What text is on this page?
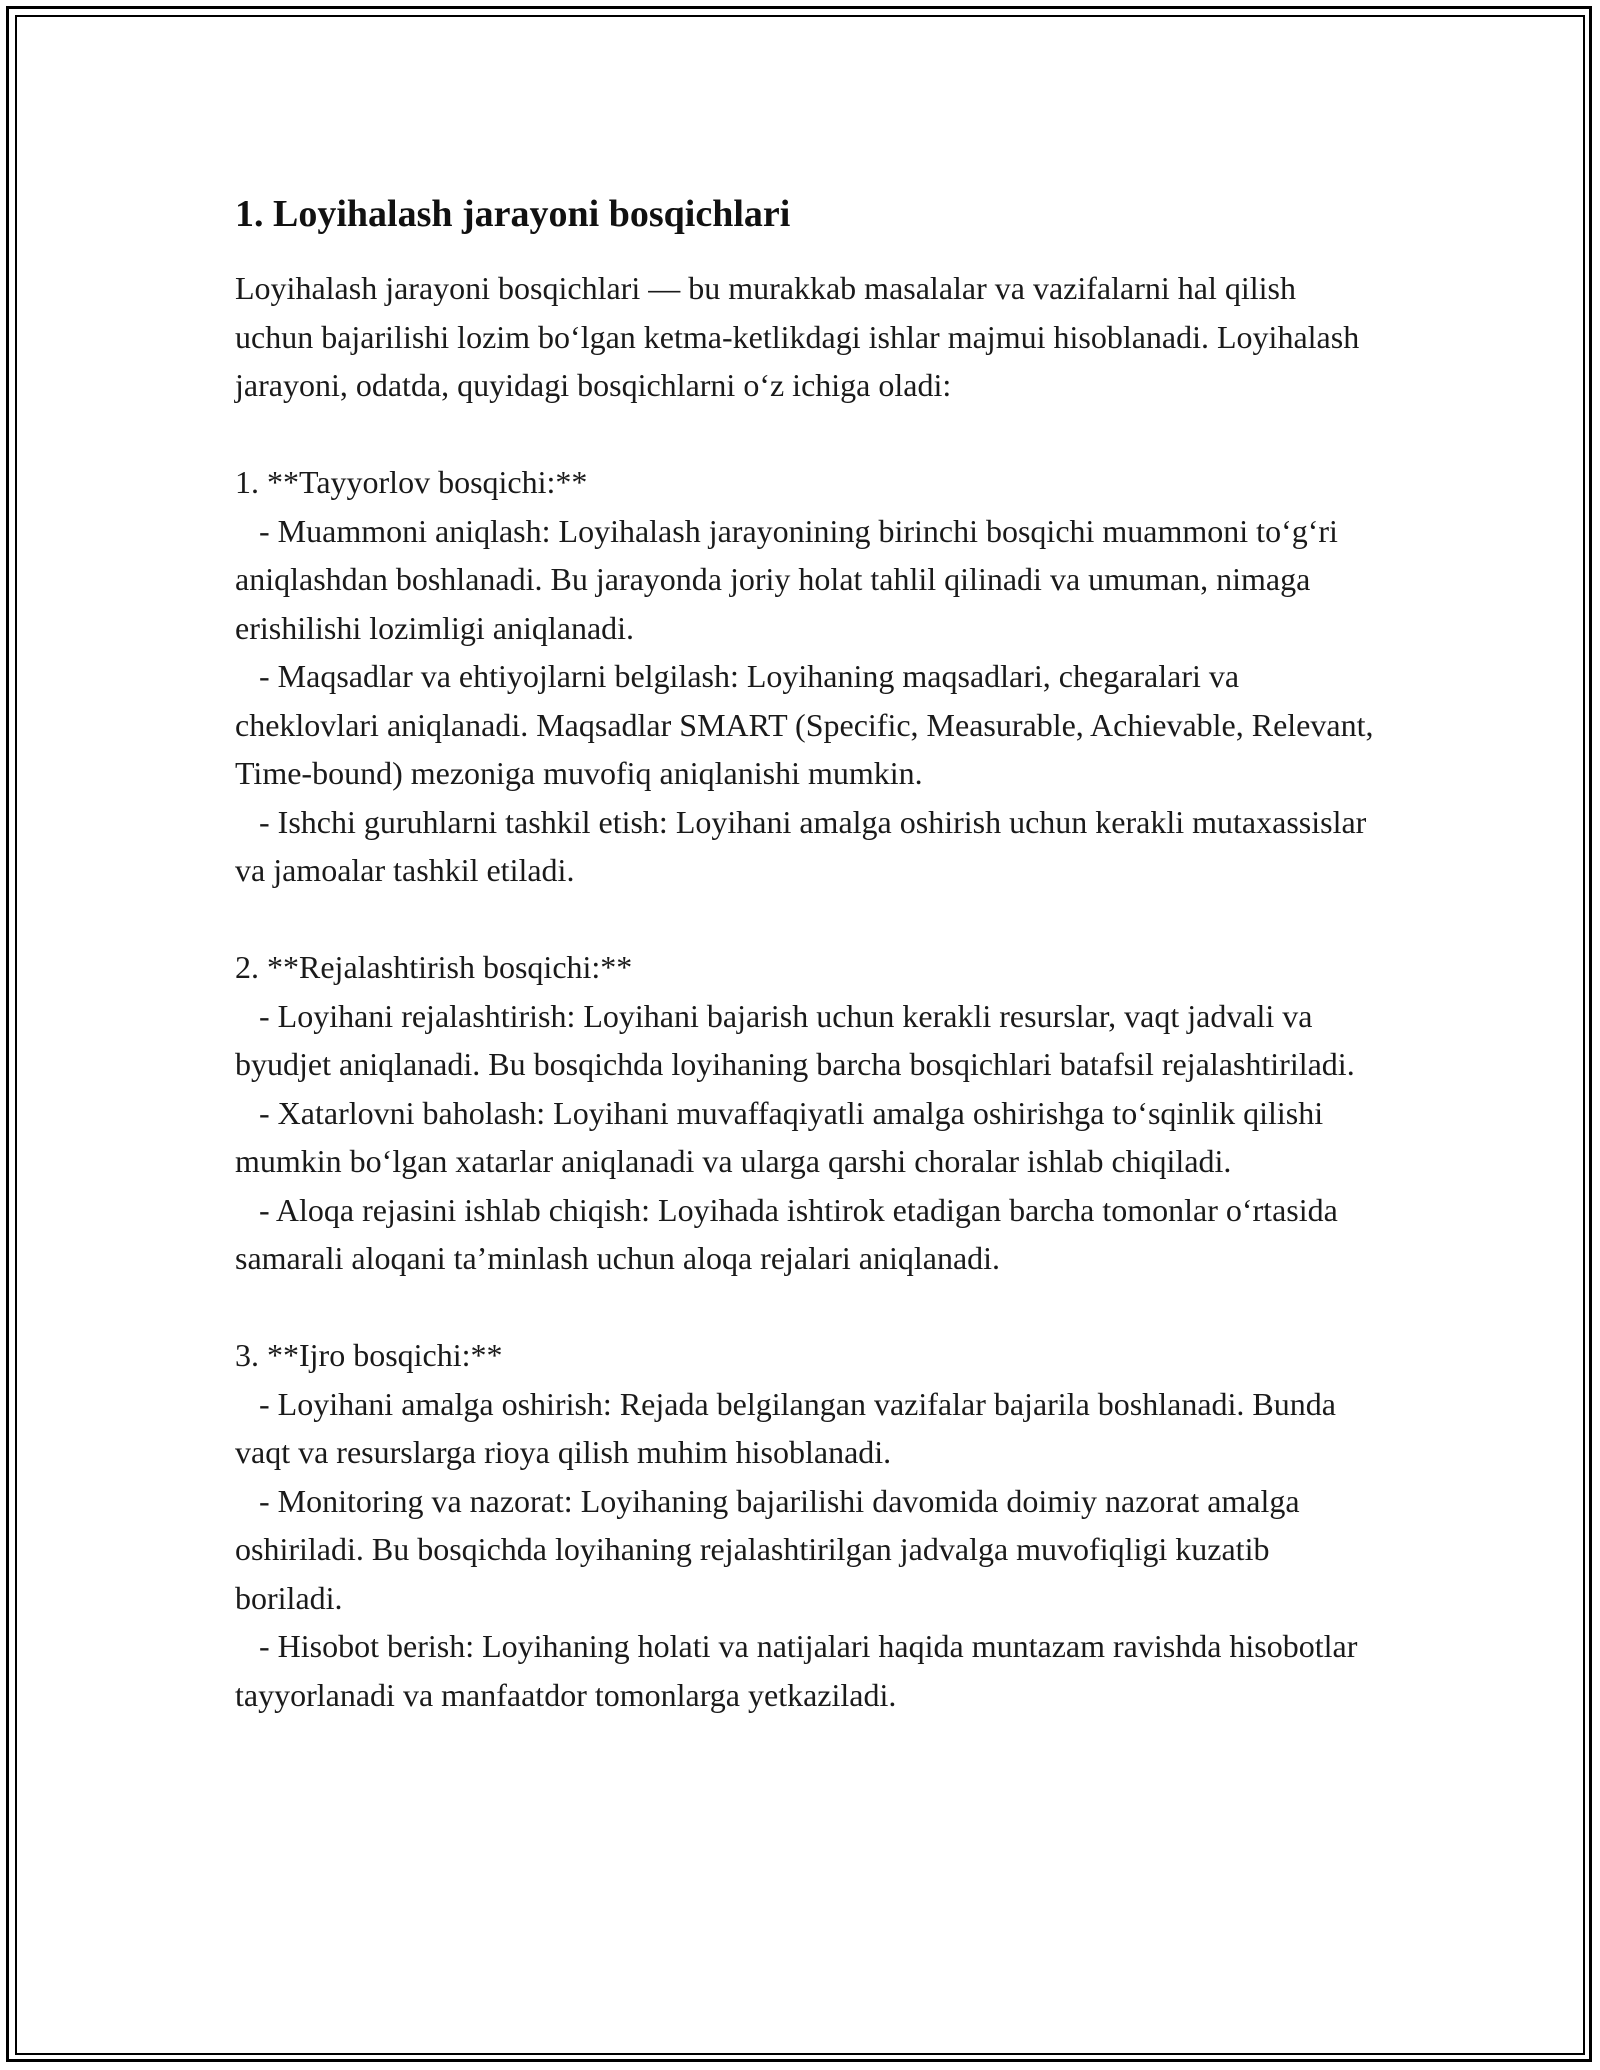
1. Loyihalash jarayoni bosqichlari

Loyihalash jarayoni bosqichlari — bu murakkab masalalar va vazifalarni hal qilish uchun bajarilishi lozim boʻlgan ketma-ketlikdagi ishlar majmui hisoblanadi. Loyihalash jarayoni, odatda, quyidagi bosqichlarni oʻz ichiga oladi:

1. **Tayyorlov bosqichi:**

- Muammoni aniqlash: Loyihalash jarayonining birinchi bosqichi muammoni toʻgʻri aniqlashdan boshlanadi. Bu jarayonda joriy holat tahlil qilinadi va umuman, nimaga erishilishi lozimligi aniqlanadi.

- Maqsadlar va ehtiyojlarni belgilash: Loyihaning maqsadlari, chegaralari va cheklovlari aniqlanadi. Maqsadlar SMART (Specific, Measurable, Achievable, Relevant, Time-bound) mezoniga muvofiq aniqlanishi mumkin.

- Ishchi guruhlarni tashkil etish: Loyihani amalga oshirish uchun kerakli mutaxassislar va jamoalar tashkil etiladi.

2. **Rejalashtirish bosqichi:**

- Loyihani rejalashtirish: Loyihani bajarish uchun kerakli resurslar, vaqt jadvali va byudjet aniqlanadi. Bu bosqichda loyihaning barcha bosqichlari batafsil rejalashtiriladi.

- Xatarlovni baholash: Loyihani muvaffaqiyatli amalga oshirishga toʻsqinlik qilishi mumkin boʻlgan xatarlar aniqlanadi va ularga qarshi choralar ishlab chiqiladi.

- Aloqa rejasini ishlab chiqish: Loyihada ishtirok etadigan barcha tomonlar oʻrtasida samarali aloqani taʼminlash uchun aloqa rejalari aniqlanadi.

3. **Ijro bosqichi:**

- Loyihani amalga oshirish: Rejada belgilangan vazifalar bajarila boshlanadi. Bunda vaqt va resurslarga rioya qilish muhim hisoblanadi.

- Monitoring va nazorat: Loyihaning bajarilishi davomida doimiy nazorat amalga oshiriladi. Bu bosqichda loyihaning rejalashtirilgan jadvalga muvofiqligi kuzatib boriladi.

- Hisobot berish: Loyihaning holati va natijalari haqida muntazam ravishda hisobotlar tayyorlanadi va manfaatdor tomonlarga yetkaziladi.
